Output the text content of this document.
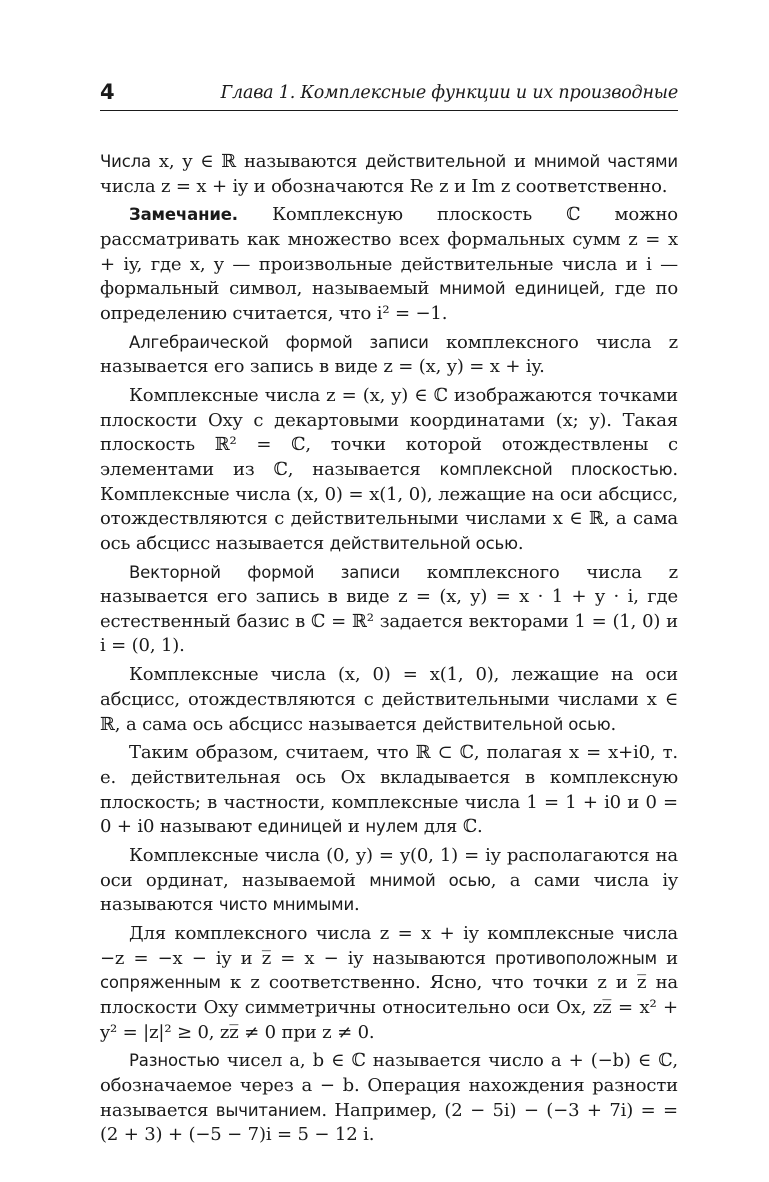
4	Глава 1. Комплексные функции и их производные

Числа x, y ∈ ℝ называются действительной и мнимой частями числа z = x + iy и обозначаются Re z и Im z соответственно.

Замечание. Комплексную плоскость ℂ можно рассматривать как множество всех формальных сумм z = x + iy, где x, y — произвольные действительные числа и i — формальный символ, называемый мнимой единицей, где по определению считается, что i² = −1.

Алгебраической формой записи комплексного числа z называется его запись в виде z = (x, y) = x + iy.

Комплексные числа z = (x, y) ∈ ℂ изображаются точками плоскости Oxy с декартовыми координатами (x; y). Такая плоскость ℝ² = ℂ, точки которой отождествлены с элементами из ℂ, называется комплексной плоскостью. Комплексные числа (x, 0) = x(1, 0), лежащие на оси абсцисс, отождествляются с действительными числами x ∈ ℝ, а сама ось абсцисс называется действительной осью.

Векторной формой записи комплексного числа z называется его запись в виде z = (x, y) = x · 1 + y · i, где естественный базис в ℂ = ℝ² задается векторами 1 = (1, 0) и i = (0, 1).

Комплексные числа (x, 0) = x(1, 0), лежащие на оси абсцисс, отождествляются с действительными числами x ∈ ℝ, а сама ось абсцисс называется действительной осью.

Таким образом, считаем, что ℝ ⊂ ℂ, полагая x = x+i0, т. е. действительная ось Ox вкладывается в комплексную плоскость; в частности, комплексные числа 1 = 1 + i0 и 0 = 0 + i0 называют единицей и нулем для ℂ.

Комплексные числа (0, y) = y(0, 1) = iy располагаются на оси ординат, называемой мнимой осью, а сами числа iy называются чисто мнимыми.

Для комплексного числа z = x + iy комплексные числа −z = −x − iy и z̅ = x − iy называются противоположным и сопряженным к z соответственно. Ясно, что точки z и z̅ на плоскости Oxy симметричны относительно оси Ox, zz̅ = x² + y² = |z|² ≥ 0, zz̅ ≠ 0 при z ≠ 0.

Разностью чисел a, b ∈ ℂ называется число a + (−b) ∈ ℂ, обозначаемое через a − b. Операция нахождения разности называется вычитанием. Например, (2 − 5i) − (−3 + 7i) = = (2 + 3) + (−5 − 7)i = 5 − 12 i.
